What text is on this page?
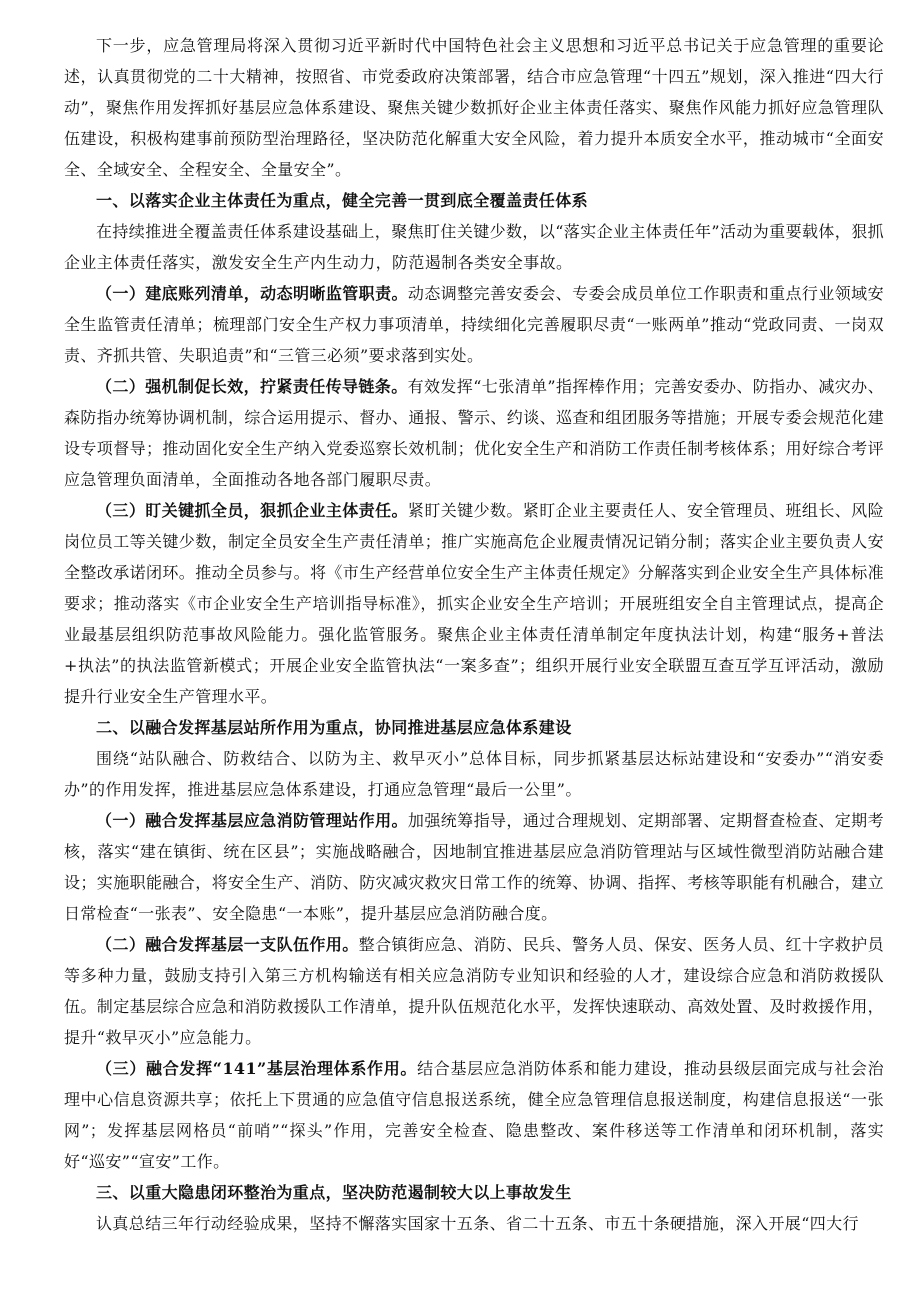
下一步，应急管理局将深入贯彻习近平新时代中国特色社会主义思想和习近平总书记关于应急管理的重要论述，认真贯彻党的二十大精神，按照省、市党委政府决策部署，结合市应急管理“十四五”规划，深入推进“四大行动”，聚焦作用发挥抓好基层应急体系建设、聚焦关键少数抓好企业主体责任落实、聚焦作风能力抓好应急管理队伍建设，积极构建事前预防型治理路径，坚决防范化解重大安全风险，着力提升本质安全水平，推动城市“全面安全、全域安全、全程安全、全量安全”。

一、以落实企业主体责任为重点，健全完善一贯到底全覆盖责任体系

在持续推进全覆盖责任体系建设基础上，聚焦盯住关键少数，以“落实企业主体责任年”活动为重要载体，狠抓企业主体责任落实，激发安全生产内生动力，防范遏制各类安全事故。

（一）建底账列清单，动态明晰监管职责。动态调整完善安委会、专委会成员单位工作职责和重点行业领域安全生监管责任清单；梳理部门安全生产权力事项清单，持续细化完善履职尽责“一账两单”推动“党政同责、一岗双责、齐抓共管、失职追责”和“三管三必须”要求落到实处。

（二）强机制促长效，拧紧责任传导链条。有效发挥“七张清单”指挥棒作用；完善安委办、防指办、减灾办、森防指办统筹协调机制，综合运用提示、督办、通报、警示、约谈、巡查和组团服务等措施；开展专委会规范化建设专项督导；推动固化安全生产纳入党委巡察长效机制；优化安全生产和消防工作责任制考核体系；用好综合考评应急管理负面清单，全面推动各地各部门履职尽责。

（三）盯关键抓全员，狠抓企业主体责任。紧盯关键少数。紧盯企业主要责任人、安全管理员、班组长、风险岗位员工等关键少数，制定全员安全生产责任清单；推广实施高危企业履责情况记销分制；落实企业主要负责人安全整改承诺闭环。推动全员参与。将《市生产经营单位安全生产主体责任规定》分解落实到企业安全生产具体标准要求；推动落实《市企业安全生产培训指导标准》，抓实企业安全生产培训；开展班组安全自主管理试点，提高企业最基层组织防范事故风险能力。强化监管服务。聚焦企业主体责任清单制定年度执法计划，构建“服务+普法+执法”的执法监管新模式；开展企业安全监管执法“一案多查”；组织开展行业安全联盟互查互学互评活动，激励提升行业安全生产管理水平。

二、以融合发挥基层站所作用为重点，协同推进基层应急体系建设

围绕“站队融合、防救结合、以防为主、救早灭小”总体目标，同步抓紧基层达标站建设和“安委办”“消安委办”的作用发挥，推进基层应急体系建设，打通应急管理“最后一公里”。

（一）融合发挥基层应急消防管理站作用。加强统筹指导，通过合理规划、定期部署、定期督查检查、定期考核，落实“建在镇街、统在区县”；实施战略融合，因地制宜推进基层应急消防管理站与区域性微型消防站融合建设；实施职能融合，将安全生产、消防、防灾减灾救灾日常工作的统筹、协调、指挥、考核等职能有机融合，建立日常检查“一张表”、安全隐患“一本账”，提升基层应急消防融合度。

（二）融合发挥基层一支队伍作用。整合镇街应急、消防、民兵、警务人员、保安、医务人员、红十字救护员等多种力量，鼓励支持引入第三方机构输送有相关应急消防专业知识和经验的人才，建设综合应急和消防救援队伍。制定基层综合应急和消防救援队工作清单，提升队伍规范化水平，发挥快速联动、高效处置、及时救援作用，提升“救早灭小”应急能力。

（三）融合发挥“141”基层治理体系作用。结合基层应急消防体系和能力建设，推动县级层面完成与社会治理中心信息资源共享；依托上下贯通的应急值守信息报送系统，健全应急管理信息报送制度，构建信息报送“一张网”；发挥基层网格员“前哨”“探头”作用，完善安全检查、隐患整改、案件移送等工作清单和闭环机制，落实好“巡安”“宣安”工作。

三、以重大隐患闭环整治为重点，坚决防范遏制较大以上事故发生

认真总结三年行动经验成果，坚持不懈落实国家十五条、省二十五条、市五十条硬措施，深入开展“四大行
